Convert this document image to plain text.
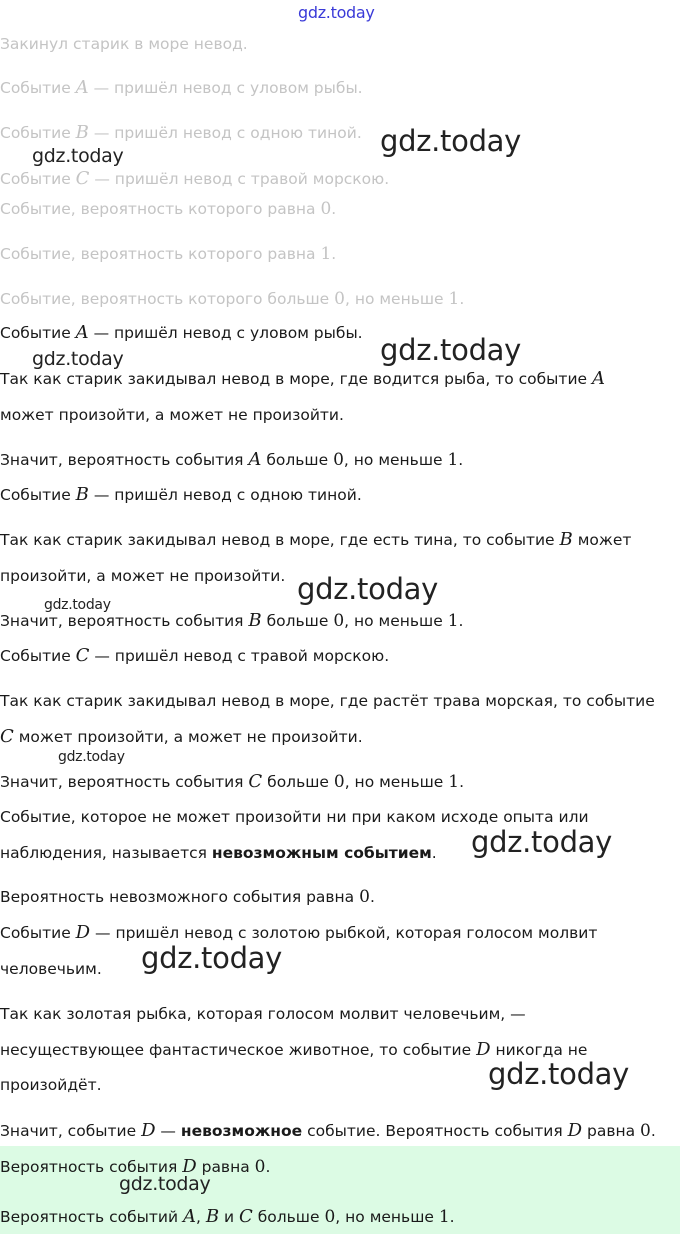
gdz.today
Закинул старик в море невод.
Событие A — пришёл невод с уловом рыбы.
Событие B — пришёл невод с одною тиной.
Событие C — пришёл невод с травой морскою.
Событие, вероятность которого равна 0.
Событие, вероятность которого равна 1.
Событие, вероятность которого больше 0, но меньше 1.
Событие A — пришёл невод с уловом рыбы.
Так как старик закидывал невод в море, где водится рыба, то событие A
может произойти, а может не произойти.
Значит, вероятность события A больше 0, но меньше 1.
Событие B — пришёл невод с одною тиной.
Так как старик закидывал невод в море, где есть тина, то событие B может
произойти, а может не произойти.
Значит, вероятность события B больше 0, но меньше 1.
Событие C — пришёл невод с травой морскою.
Так как старик закидывал невод в море, где растёт трава морская, то событие
C может произойти, а может не произойти.
Значит, вероятность события C больше 0, но меньше 1.
Событие, которое не может произойти ни при каком исходе опыта или
наблюдения, называется невозможным событием.
Вероятность невозможного события равна 0.
Событие D — пришёл невод с золотою рыбкой, которая голосом молвит
человечьим.
Так как золотая рыбка, которая голосом молвит человечьим, —
несуществующее фантастическое животное, то событие D никогда не
произойдёт.
Значит, событие D — невозможное событие. Вероятность события D равна 0.
Вероятность события D равна 0.
Вероятность событий A, B и C больше 0, но меньше 1.
gdz.today
gdz.today
gdz.today
gdz.today
gdz.today
gdz.today
gdz.today
gdz.today
gdz.today
gdz.today
gdz.today
